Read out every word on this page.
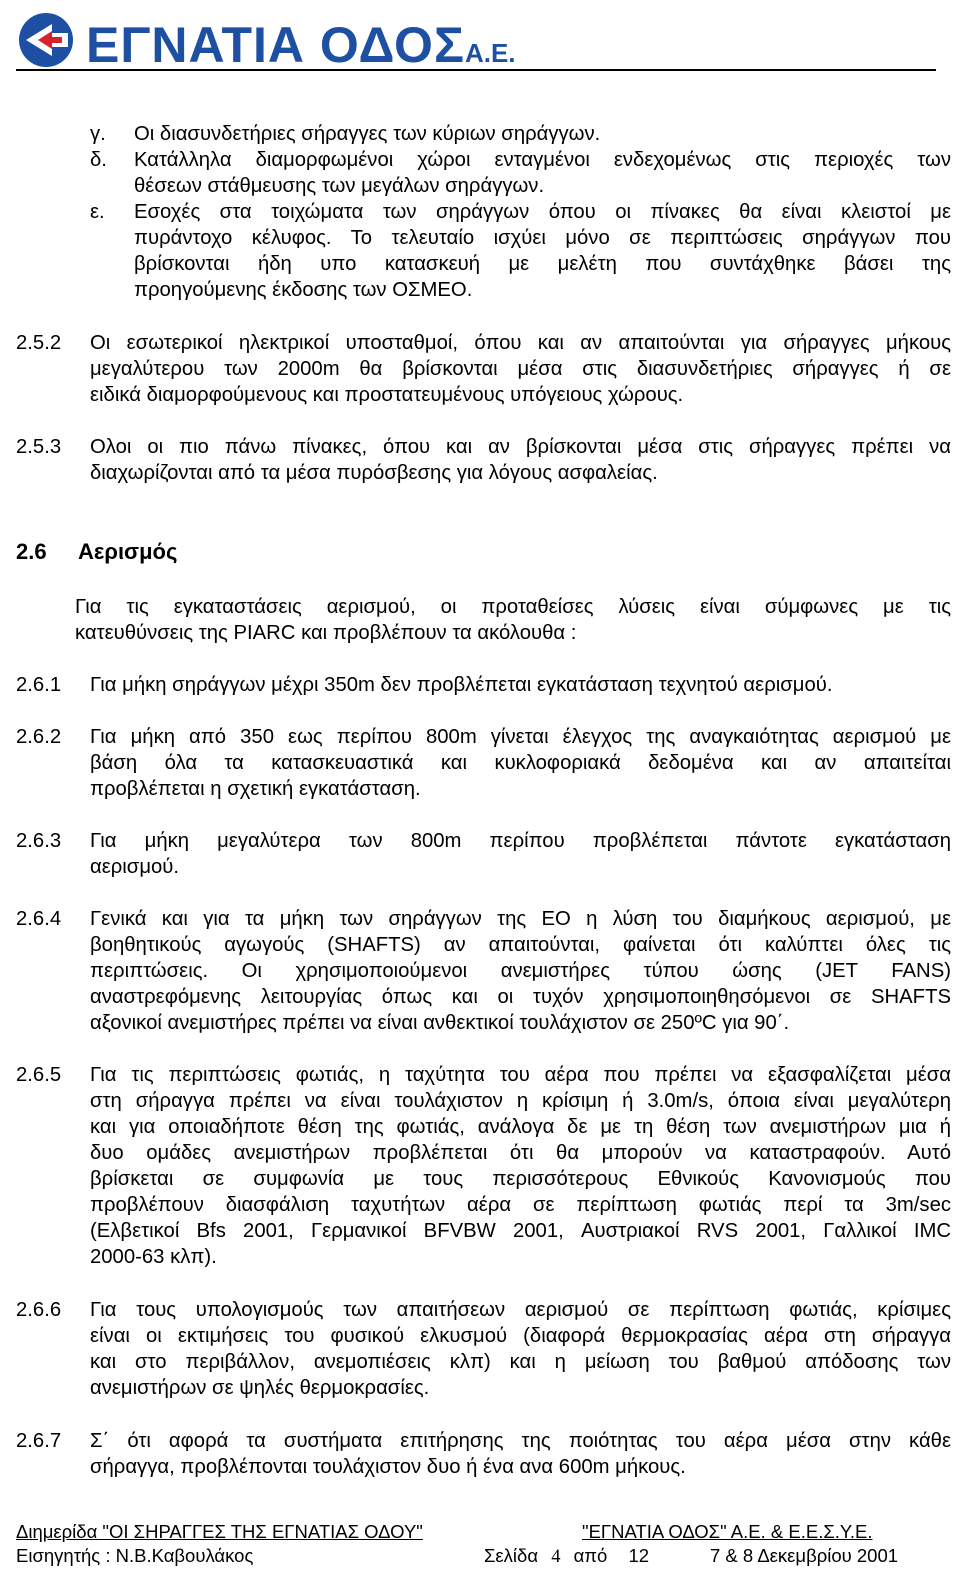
ΕΓΝΑΤΙΑ ΟΔΟΣΑ.Ε.
γ. Οι διασυνδετήριες σήραγγες των κύριων σηράγγων.
δ. Κατάλληλα διαμορφωμένοι χώροι ενταγμένοι ενδεχομένως στις περιοχές των
θέσεων στάθμευσης των μεγάλων σηράγγων.
ε. Εσοχές στα τοιχώματα των σηράγγων όπου οι πίνακες θα είναι κλειστοί με
πυράντοχο κέλυφος. Το τελευταίο ισχύει μόνο σε περιπτώσεις σηράγγων που
βρίσκονται ήδη υπο κατασκευή με μελέτη που συντάχθηκε βάσει της
προηγούμενης έκδοσης των ΟΣΜΕΟ.
2.5.2 Οι εσωτερικοί ηλεκτρικοί υποσταθμοί, όπου και αν απαιτούνται για σήραγγες μήκους
μεγαλύτερου των 2000m θα βρίσκονται μέσα στις διασυνδετήριες σήραγγες ή σε
ειδικά διαμορφούμενους και προστατευμένους υπόγειους χώρους.
2.5.3 Ολοι οι πιο πάνω πίνακες, όπου και αν βρίσκονται μέσα στις σήραγγες πρέπει να
διαχωρίζονται από τα μέσα πυρόσβεσης για λόγους ασφαλείας.
2.6 Αερισμός
Για τις εγκαταστάσεις αερισμού, οι προταθείσες λύσεις είναι σύμφωνες με τις
κατευθύνσεις της PIARC και προβλέπουν τα ακόλουθα :
2.6.1 Για μήκη σηράγγων μέχρι 350m δεν προβλέπεται εγκατάσταση τεχνητού αερισμού.
2.6.2 Για μήκη από 350 εως περίπου 800m γίνεται έλεγχος της αναγκαιότητας αερισμού με
βάση όλα τα κατασκευαστικά και κυκλοφοριακά δεδομένα και αν απαιτείται
προβλέπεται η σχετική εγκατάσταση.
2.6.3 Για μήκη μεγαλύτερα των 800m περίπου προβλέπεται πάντοτε εγκατάσταση
αερισμού.
2.6.4 Γενικά και για τα μήκη των σηράγγων της ΕΟ η λύση του διαμήκους αερισμού, με
βοηθητικούς αγωγούς (SHAFTS) αν απαιτούνται, φαίνεται ότι καλύπτει όλες τις
περιπτώσεις. Οι χρησιμοποιούμενοι ανεμιστήρες τύπου ώσης (JET FANS)
αναστρεφόμενης λειτουργίας όπως και οι τυχόν χρησιμοποιηθησόμενοι σε SHAFTS
αξονικοί ανεμιστήρες πρέπει να είναι ανθεκτικοί τουλάχιστον σε 250ºC για 90΄.
2.6.5 Για τις περιπτώσεις φωτιάς, η ταχύτητα του αέρα που πρέπει να εξασφαλίζεται μέσα
στη σήραγγα πρέπει να είναι τουλάχιστον η κρίσιμη ή 3.0m/s, όποια είναι μεγαλύτερη
και για οποιαδήποτε θέση της φωτιάς, ανάλογα δε με τη θέση των ανεμιστήρων μια ή
δυο ομάδες ανεμιστήρων προβλέπεται ότι θα μπορούν να καταστραφούν. Αυτό
βρίσκεται σε συμφωνία με τους περισσότερους Εθνικούς Κανονισμούς που
προβλέπουν διασφάλιση ταχυτήτων αέρα σε περίπτωση φωτιάς περί τα 3m/sec
(Ελβετικοί Bfs 2001, Γερμανικοί BFVBW 2001, Αυστριακοί RVS 2001, Γαλλικοί IMC
2000-63 κλπ).
2.6.6 Για τους υπολογισμούς των απαιτήσεων αερισμού σε περίπτωση φωτιάς, κρίσιμες
είναι οι εκτιμήσεις του φυσικού ελκυσμού (διαφορά θερμοκρασίας αέρα στη σήραγγα
και στο περιβάλλον, ανεμοπιέσεις κλπ) και η μείωση του βαθμού απόδοσης των
ανεμιστήρων σε ψηλές θερμοκρασίες.
2.6.7 Σ΄ ότι αφορά τα συστήματα επιτήρησης της ποιότητας του αέρα μέσα στην κάθε
σήραγγα, προβλέπονται τουλάχιστον δυο ή ένα ανα 600m μήκους.
Διημερίδα "ΟΙ ΣΗΡΑΓΓΕΣ ΤΗΣ ΕΓΝΑΤΙΑΣ ΟΔΟΥ"	"ΕΓΝΑΤΙΑ ΟΔΟΣ" Α.Ε. & Ε.Ε.Σ.Υ.Ε.
Εισηγητής : Ν.Β.Καβουλάκος	Σελίδα 4 από 12	7 & 8 Δεκεμβρίου 2001
